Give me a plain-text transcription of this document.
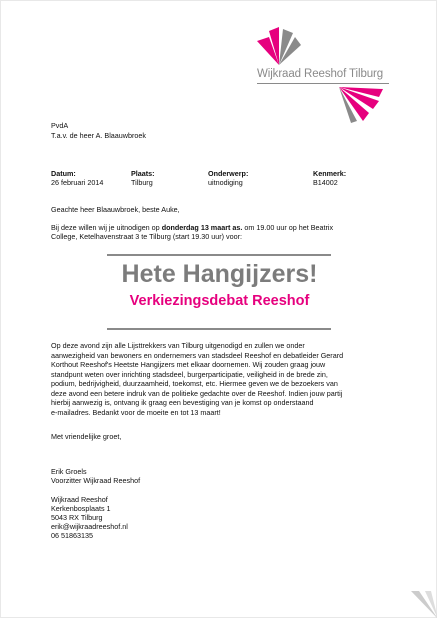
Wijkraad Reeshof Tilburg
PvdA
T.a.v. de heer A. Blaauwbroek
Datum:
26 februari 2014
Plaats:
Tilburg
Onderwerp:
uitnodiging
Kenmerk:
B14002
Geachte heer Blaauwbroek, beste Auke,
Bij deze willen wij je uitnodigen op donderdag 13 maart as. om 19.00 uur op het Beatrix
College, Ketelhavenstraat 3 te Tilburg (start 19.30 uur) voor:
Hete Hangijzers!
Verkiezingsdebat Reeshof
Op deze avond zijn alle Lijsttrekkers van Tilburg uitgenodigd en zullen we onder
aanwezigheid van bewoners en ondernemers van stadsdeel Reeshof en debatleider Gerard
Korthout Reeshof's Heetste Hangijzers met elkaar doornemen. Wij zouden graag jouw
standpunt weten over inrichting stadsdeel, burgerparticipatie, veiligheid in de brede zin,
podium, bedrijvigheid, duurzaamheid, toekomst, etc. Hiermee geven we de bezoekers van
deze avond een betere indruk van de politieke gedachte over de Reeshof. Indien jouw partij
hierbij aanwezig is, ontvang ik graag een bevestiging van je komst op onderstaand
e-mailadres. Bedankt voor de moeite en tot 13 maart!
Met vriendelijke groet,
Erik Groels
Voorzitter Wijkraad Reeshof
Wijkraad Reeshof
Kerkenbosplaats 1
5043 RX Tilburg
erik@wijkraadreeshof.nl
06 51863135
